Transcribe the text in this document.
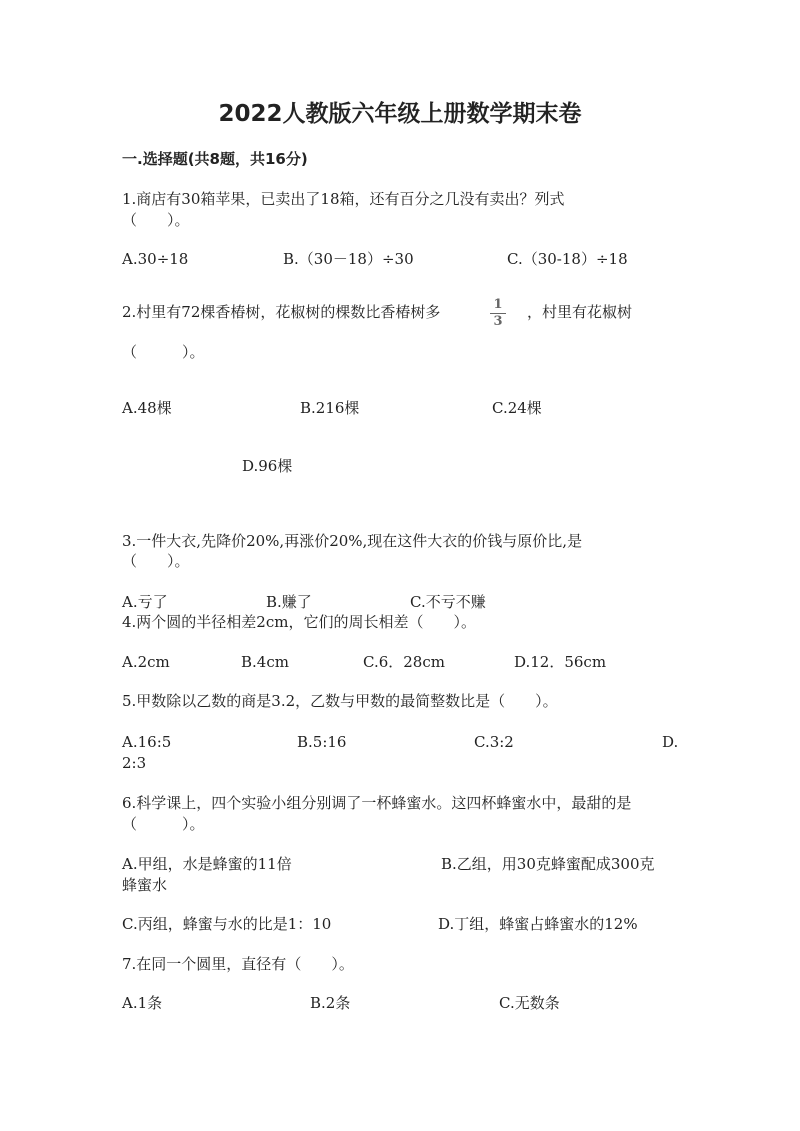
2022人教版六年级上册数学期末卷
一.选择题(共8题，共16分)
1.商店有30箱苹果，已卖出了18箱，还有百分之几没有卖出？列式
（　　）。
A.30÷18	B.（30－18）÷30	C.（30-18）÷18
2.村里有72棵香椿树，花椒树的棵数比香椿树多	1
3
，村里有花椒树
（　　　）。
A.48棵	B.216棵	C.24棵
D.96棵
3.一件大衣,先降价20%,再涨价20%,现在这件大衣的价钱与原价比,是
（　　）。
A.亏了	B.赚了	C.不亏不赚
4.两个圆的半径相差2cm，它们的周长相差（　　）。
A.2cm	B.4cm	C.6．28cm	D.12．56cm
5.甲数除以乙数的商是3.2，乙数与甲数的最简整数比是（　　）。
A.16:5	B.5:16	C.3:2	D.
2:3
6.科学课上，四个实验小组分别调了一杯蜂蜜水。这四杯蜂蜜水中，最甜的是
（　　　）。
A.甲组，水是蜂蜜的11倍	B.乙组，用30克蜂蜜配成300克
蜂蜜水
C.丙组，蜂蜜与水的比是1：10	D.丁组，蜂蜜占蜂蜜水的12%
7.在同一个圆里，直径有（　　）。
A.1条	B.2条	C.无数条
